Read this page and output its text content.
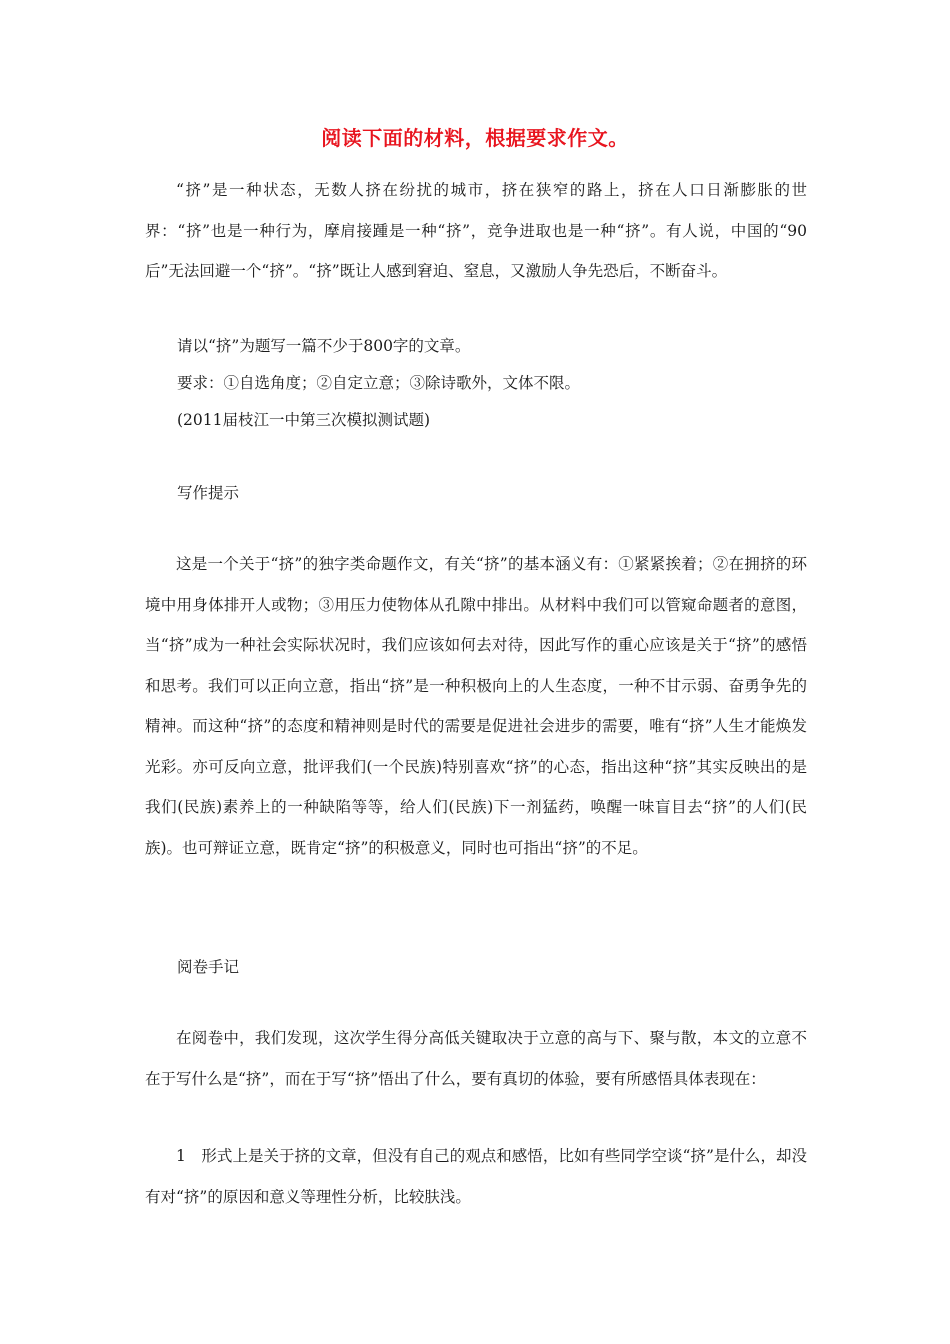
阅读下面的材料，根据要求作文。

“挤”是一种状态，无数人挤在纷扰的城市，挤在狭窄的路上，挤在人口日渐膨胀的世界：“挤”也是一种行为，摩肩接踵是一种“挤”，竞争进取也是一种“挤”。有人说，中国的“90后”无法回避一个“挤”。“挤”既让人感到窘迫、窒息，又激励人争先恐后，不断奋斗。

请以“挤”为题写一篇不少于800字的文章。

要求：①自选角度；②自定立意；③除诗歌外，文体不限。

(2011届枝江一中第三次模拟测试题)

写作提示

这是一个关于“挤”的独字类命题作文，有关“挤”的基本涵义有：①紧紧挨着；②在拥挤的环境中用身体排开人或物；③用压力使物体从孔隙中排出。从材料中我们可以管窥命题者的意图，当“挤”成为一种社会实际状况时，我们应该如何去对待，因此写作的重心应该是关于“挤”的感悟和思考。我们可以正向立意，指出“挤”是一种积极向上的人生态度，一种不甘示弱、奋勇争先的精神。而这种“挤”的态度和精神则是时代的需要是促进社会进步的需要，唯有“挤”人生才能焕发光彩。亦可反向立意，批评我们(一个民族)特别喜欢“挤”的心态，指出这种“挤”其实反映出的是我们(民族)素养上的一种缺陷等等，给人们(民族)下一剂猛药，唤醒一味盲目去“挤”的人们(民族)。也可辩证立意，既肯定“挤”的积极意义，同时也可指出“挤”的不足。

阅卷手记

在阅卷中，我们发现，这次学生得分高低关键取决于立意的高与下、聚与散，本文的立意不在于写什么是“挤”，而在于写“挤”悟出了什么，要有真切的体验，要有所感悟具体表现在：

1　形式上是关于挤的文章，但没有自己的观点和感悟，比如有些同学空谈“挤”是什么，却没有对“挤”的原因和意义等理性分析，比较肤浅。
